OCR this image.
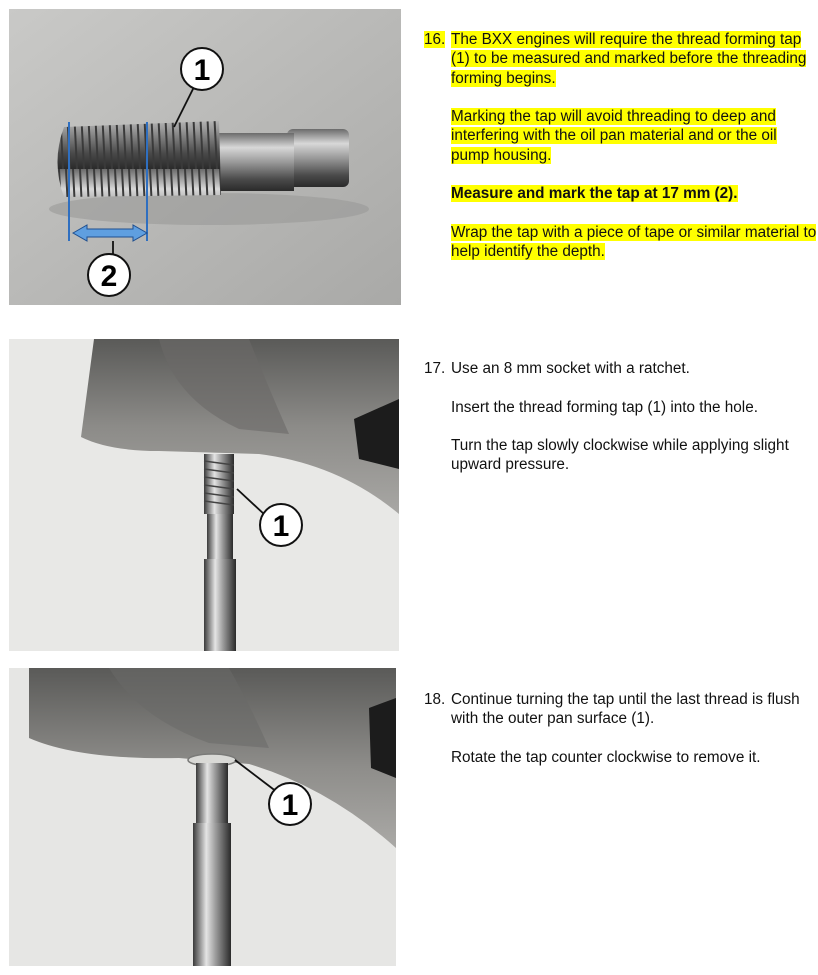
1
2
16. The BXX engines will require the thread forming tap (1) to be measured and marked before the threading forming begins.

Marking the tap will avoid threading to deep and interfering with the oil pan material and or the oil pump housing.

Measure and mark the tap at 17 mm (2).

Wrap the tap with a piece of tape or similar material to help identify the depth.

1
17. Use an 8 mm socket with a ratchet.

Insert the thread forming tap (1) into the hole.

Turn the tap slowly clockwise while applying slight upward pressure.

1
18. Continue turning the tap until the last thread is flush with the outer pan surface (1).

Rotate the tap counter clockwise to remove it.
